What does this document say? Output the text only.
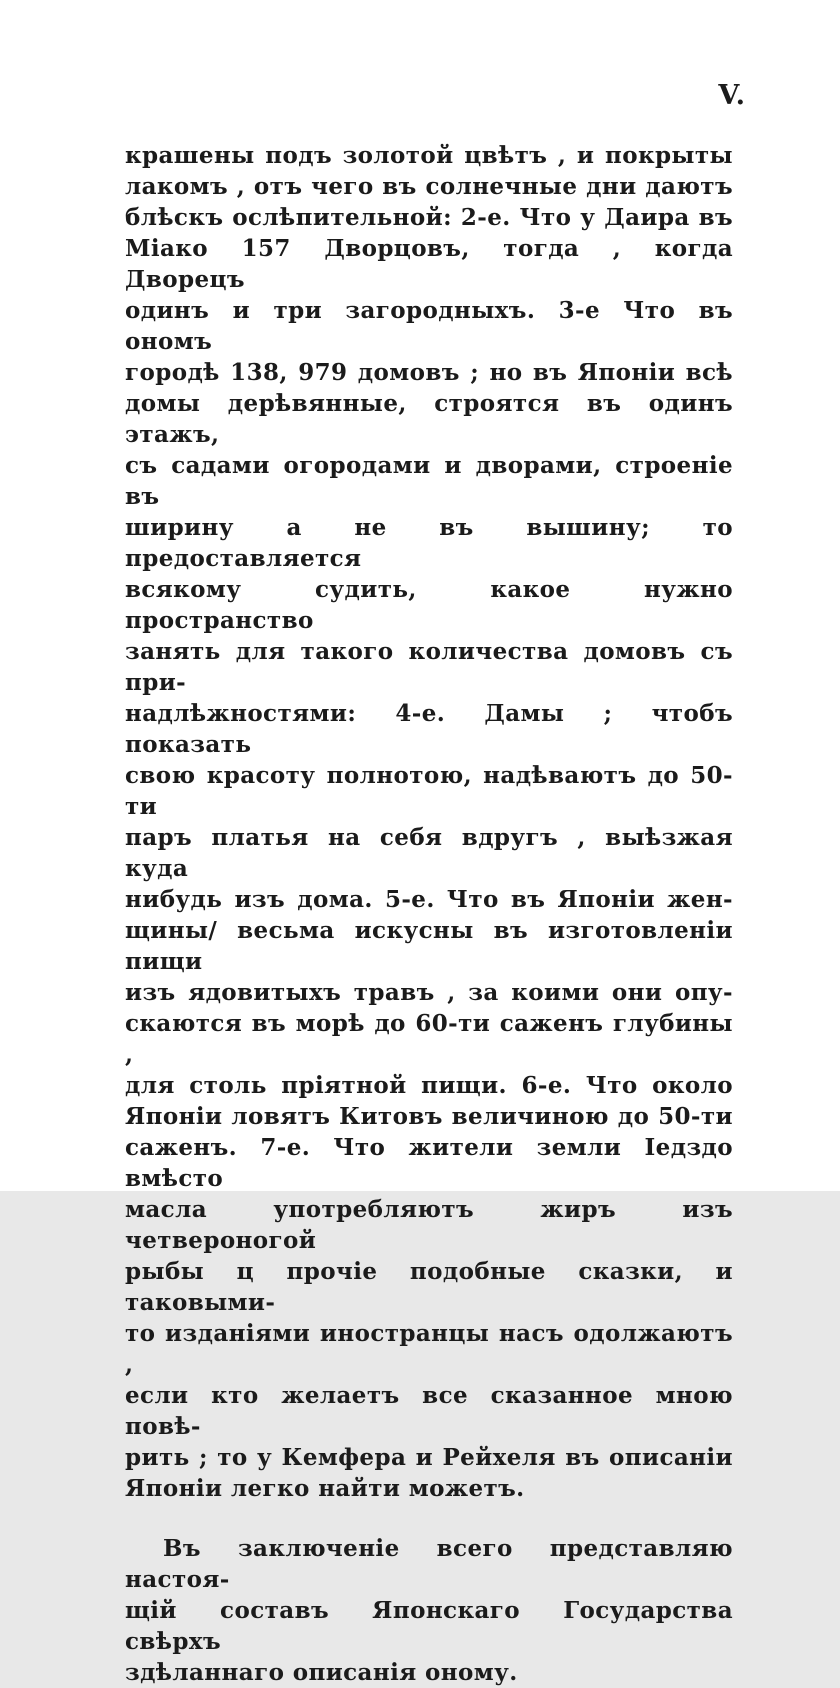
V.
крашены подъ золотой цвѣтъ , и покрыты
лакомъ , отъ чего въ солнечные дни даютъ
блѣскъ ослѣпительной: 2-е. Что у Даира въ
Міако 157 Дворцовъ, тогда , когда Дворецъ
одинъ и три загородныхъ. 3-е Что въ ономъ
городѣ 138, 979 домовъ ; но въ Японіи всѣ
домы дерѣвянные, строятся въ одинъ этажъ,
съ садами огородами и дворами, строеніе въ
ширину а не въ вышину; то предоставляется
всякому судить, какое нужно пространство
занять для такого количества домовъ съ при-
надлѣжностями: 4-е. Дамы ; чтобъ показать
свою красоту полнотою, надѣваютъ до 50-ти
паръ платья на себя вдругъ , выѣзжая куда
нибудь изъ дома. 5-е. Что въ Японіи жен-
щины/ весьма искусны въ изготовленіи пищи
изъ ядовитыхъ травъ , за коими они опу-
скаются въ морѣ до 60-ти саженъ глубины ,
для столь пріятной пищи. 6-е. Что около
Японіи ловятъ Китовъ величиною до 50-ти
саженъ. 7-е. Что жители земли Іедздо вмѣсто
масла употребляютъ жиръ изъ четвероногой
рыбы ц прочіе подобные сказки, и таковыми-
то изданіями иностранцы насъ одолжаютъ ,
если кто желаетъ все сказанное мною повѣ-
рить ; то у Кемфера и Рейхеля въ описаніи
Японіи легко найти можетъ.
Въ заключеніе всего представляю настоя-
щій составъ Японскаго Государства свѣрхъ
здѣланнаго описанія оному.
